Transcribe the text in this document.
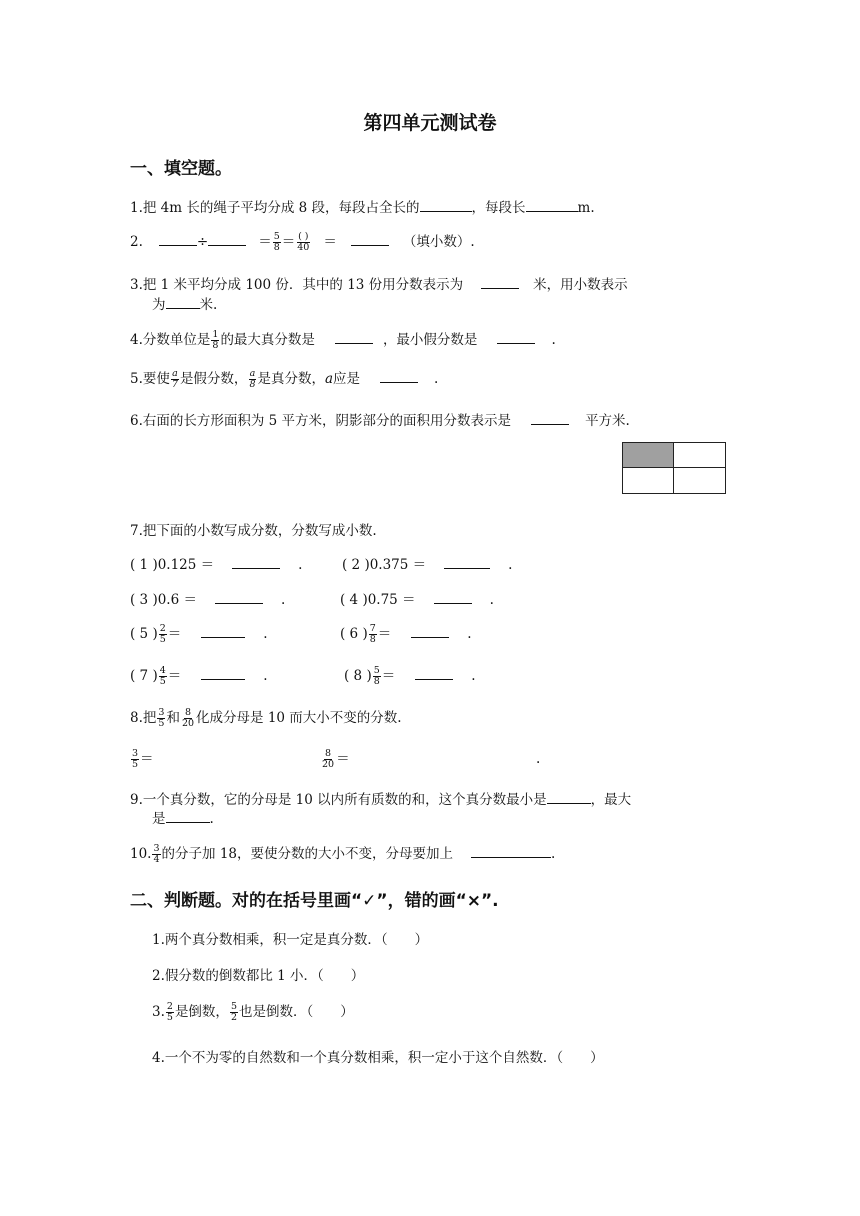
第四单元测试卷
一、填空题。
1.把 4m 长的绳子平均分成 8 段，每段占全长的	，每段长	m.
2.	÷	＝ $\frac{5}{8} = \frac{( )}{40}$ ＝	（填小数）.
3.把 1 米平均分成 100 份．其中的 13 份用分数表示为	米，用小数表示
为	米.
4.分数单位是 $\frac{1}{8}$ 的最大真分数是	，最小假分数是	.
5.要使 $\frac{a}{7}$ 是假分数， $\frac{a}{8}$ 是真分数，a应是	.
6.右面的长方形面积为 5 平方米，阴影部分的面积用分数表示是	平方米.
7.把下面的小数写成分数，分数写成小数.
( 1 )0.125 ＝	.	( 2 )0.375 ＝	.
( 3 )0.6 ＝	.	( 4 )0.75 ＝	.
( 5 ) $\frac{2}{5}$ ＝	.	( 6 ) $\frac{7}{8}$ ＝	.
( 7 ) $\frac{4}{5}$ ＝	.	( 8 ) $\frac{5}{8}$ ＝	.
8.把 $\frac{3}{5}$ 和 $\frac{8}{20}$ 化成分母是 10 而大小不变的分数.
$\frac{3}{5}$ ＝	$\frac{8}{20}$ ＝	.
9.一个真分数，它的分母是 10 以内所有质数的和，这个真分数最小是	，最大
是	.
10. $\frac{3}{4}$ 的分子加 18，要使分数的大小不变，分母要加上	.
二、判断题。对的在括号里画“✓”，错的画“×”.
1.两个真分数相乘，积一定是真分数．（　　）
2.假分数的倒数都比 1 小．（　　）
3. $\frac{2}{5}$ 是倒数， $\frac{5}{2}$ 也是倒数．（　　）
4.一个不为零的自然数和一个真分数相乘，积一定小于这个自然数．（　　）
